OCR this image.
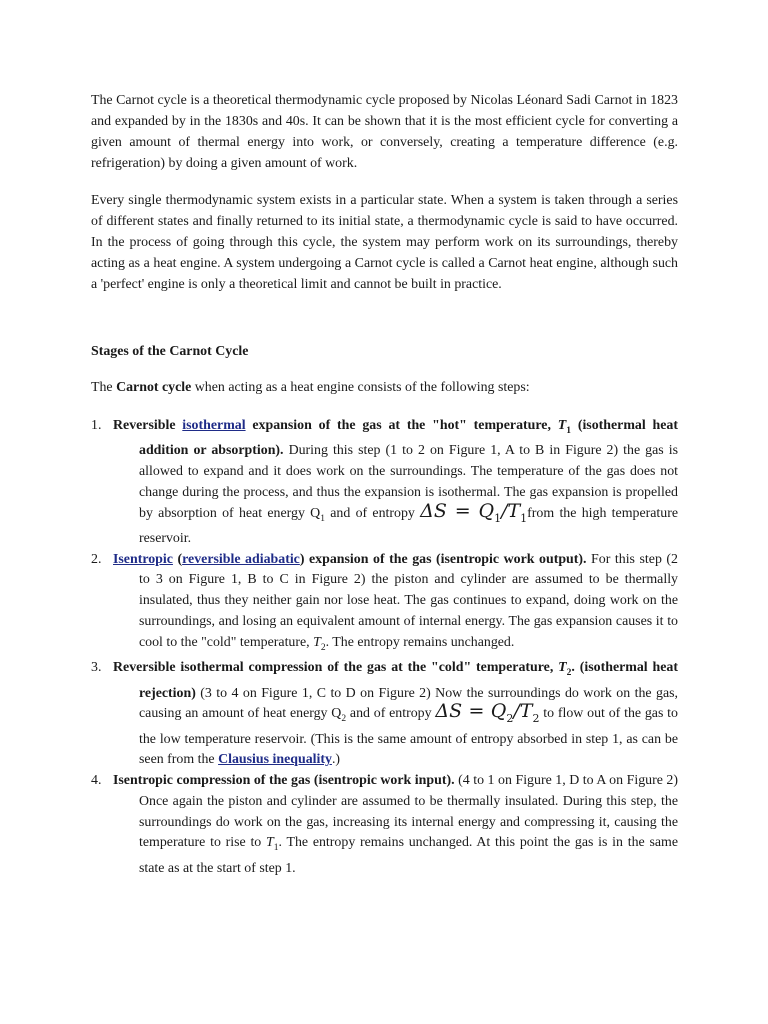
The Carnot cycle is a theoretical thermodynamic cycle proposed by Nicolas Léonard Sadi Carnot in 1823 and expanded by in the 1830s and 40s. It can be shown that it is the most efficient cycle for converting a given amount of thermal energy into work, or conversely, creating a temperature difference (e.g. refrigeration) by doing a given amount of work.

Every single thermodynamic system exists in a particular state. When a system is taken through a series of different states and finally returned to its initial state, a thermodynamic cycle is said to have occurred. In the process of going through this cycle, the system may perform work on its surroundings, thereby acting as a heat engine. A system undergoing a Carnot cycle is called a Carnot heat engine, although such a 'perfect' engine is only a theoretical limit and cannot be built in practice.

Stages of the Carnot Cycle

The Carnot cycle when acting as a heat engine consists of the following steps:

1. Reversible isothermal expansion of the gas at the "hot" temperature, $T_1$ (isothermal heat addition or absorption). During this step (1 to 2 on Figure 1, A to B in Figure 2) the gas is allowed to expand and it does work on the surroundings. The temperature of the gas does not change during the process, and thus the expansion is isothermal. The gas expansion is propelled by absorption of heat energy $Q_1$ and of entropy $\Delta S = Q_1/T_1from$ the high temperature reservoir.
2. Isentropic (reversible adiabatic) expansion of the gas (isentropic work output). For this step (2 to 3 on Figure 1, B to C in Figure 2) the piston and cylinder are assumed to be thermally insulated, thus they neither gain nor lose heat. The gas continues to expand, doing work on the surroundings, and losing an equivalent amount of internal energy. The gas expansion causes it to cool to the "cold" temperature, $T_2$. The entropy remains unchanged.
3. Reversible isothermal compression of the gas at the "cold" temperature, $T_2$. (isothermal heat rejection) (3 to 4 on Figure 1, C to D on Figure 2) Now the surroundings do work on the gas, causing an amount of heat energy $Q_2$ and of entropy $\Delta S = Q_2/T_2$ to flow out of the gas to the low temperature reservoir. (This is the same amount of entropy absorbed in step 1, as can be seen from the Clausius inequality.)
4. Isentropic compression of the gas (isentropic work input). (4 to 1 on Figure 1, D to A on Figure 2) Once again the piston and cylinder are assumed to be thermally insulated. During this step, the surroundings do work on the gas, increasing its internal energy and compressing it, causing the temperature to rise to $T_1$. The entropy remains unchanged. At this point the gas is in the same state as at the start of step 1.
